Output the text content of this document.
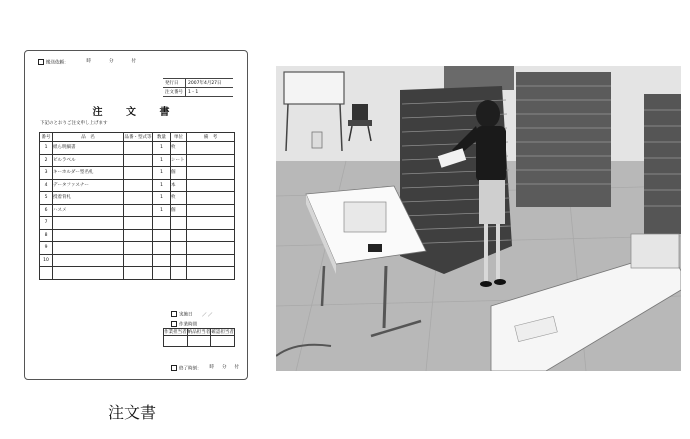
搬送依頼：	時	分	付
発行日	2007年4月27日
注文番号	1 - 1
注 文 書
下記のとおりご注文申し上げます
番号	品　名	品番・型式等	数量	単位	備　考
1	紙ら明細書		1	枚	
2	ビルラベル		1	シート	
3	キーホルダー型名札		1	個	
4	データファスナー		1	本	
5	授着背札		1	枚	
6	ハスメ		1	個	
7					
8					
9					
10					

実施日 ／ ／
作業時間
作業担当者	納品担当者	確認担当者

終了時刻： 時 分 付
注文書
